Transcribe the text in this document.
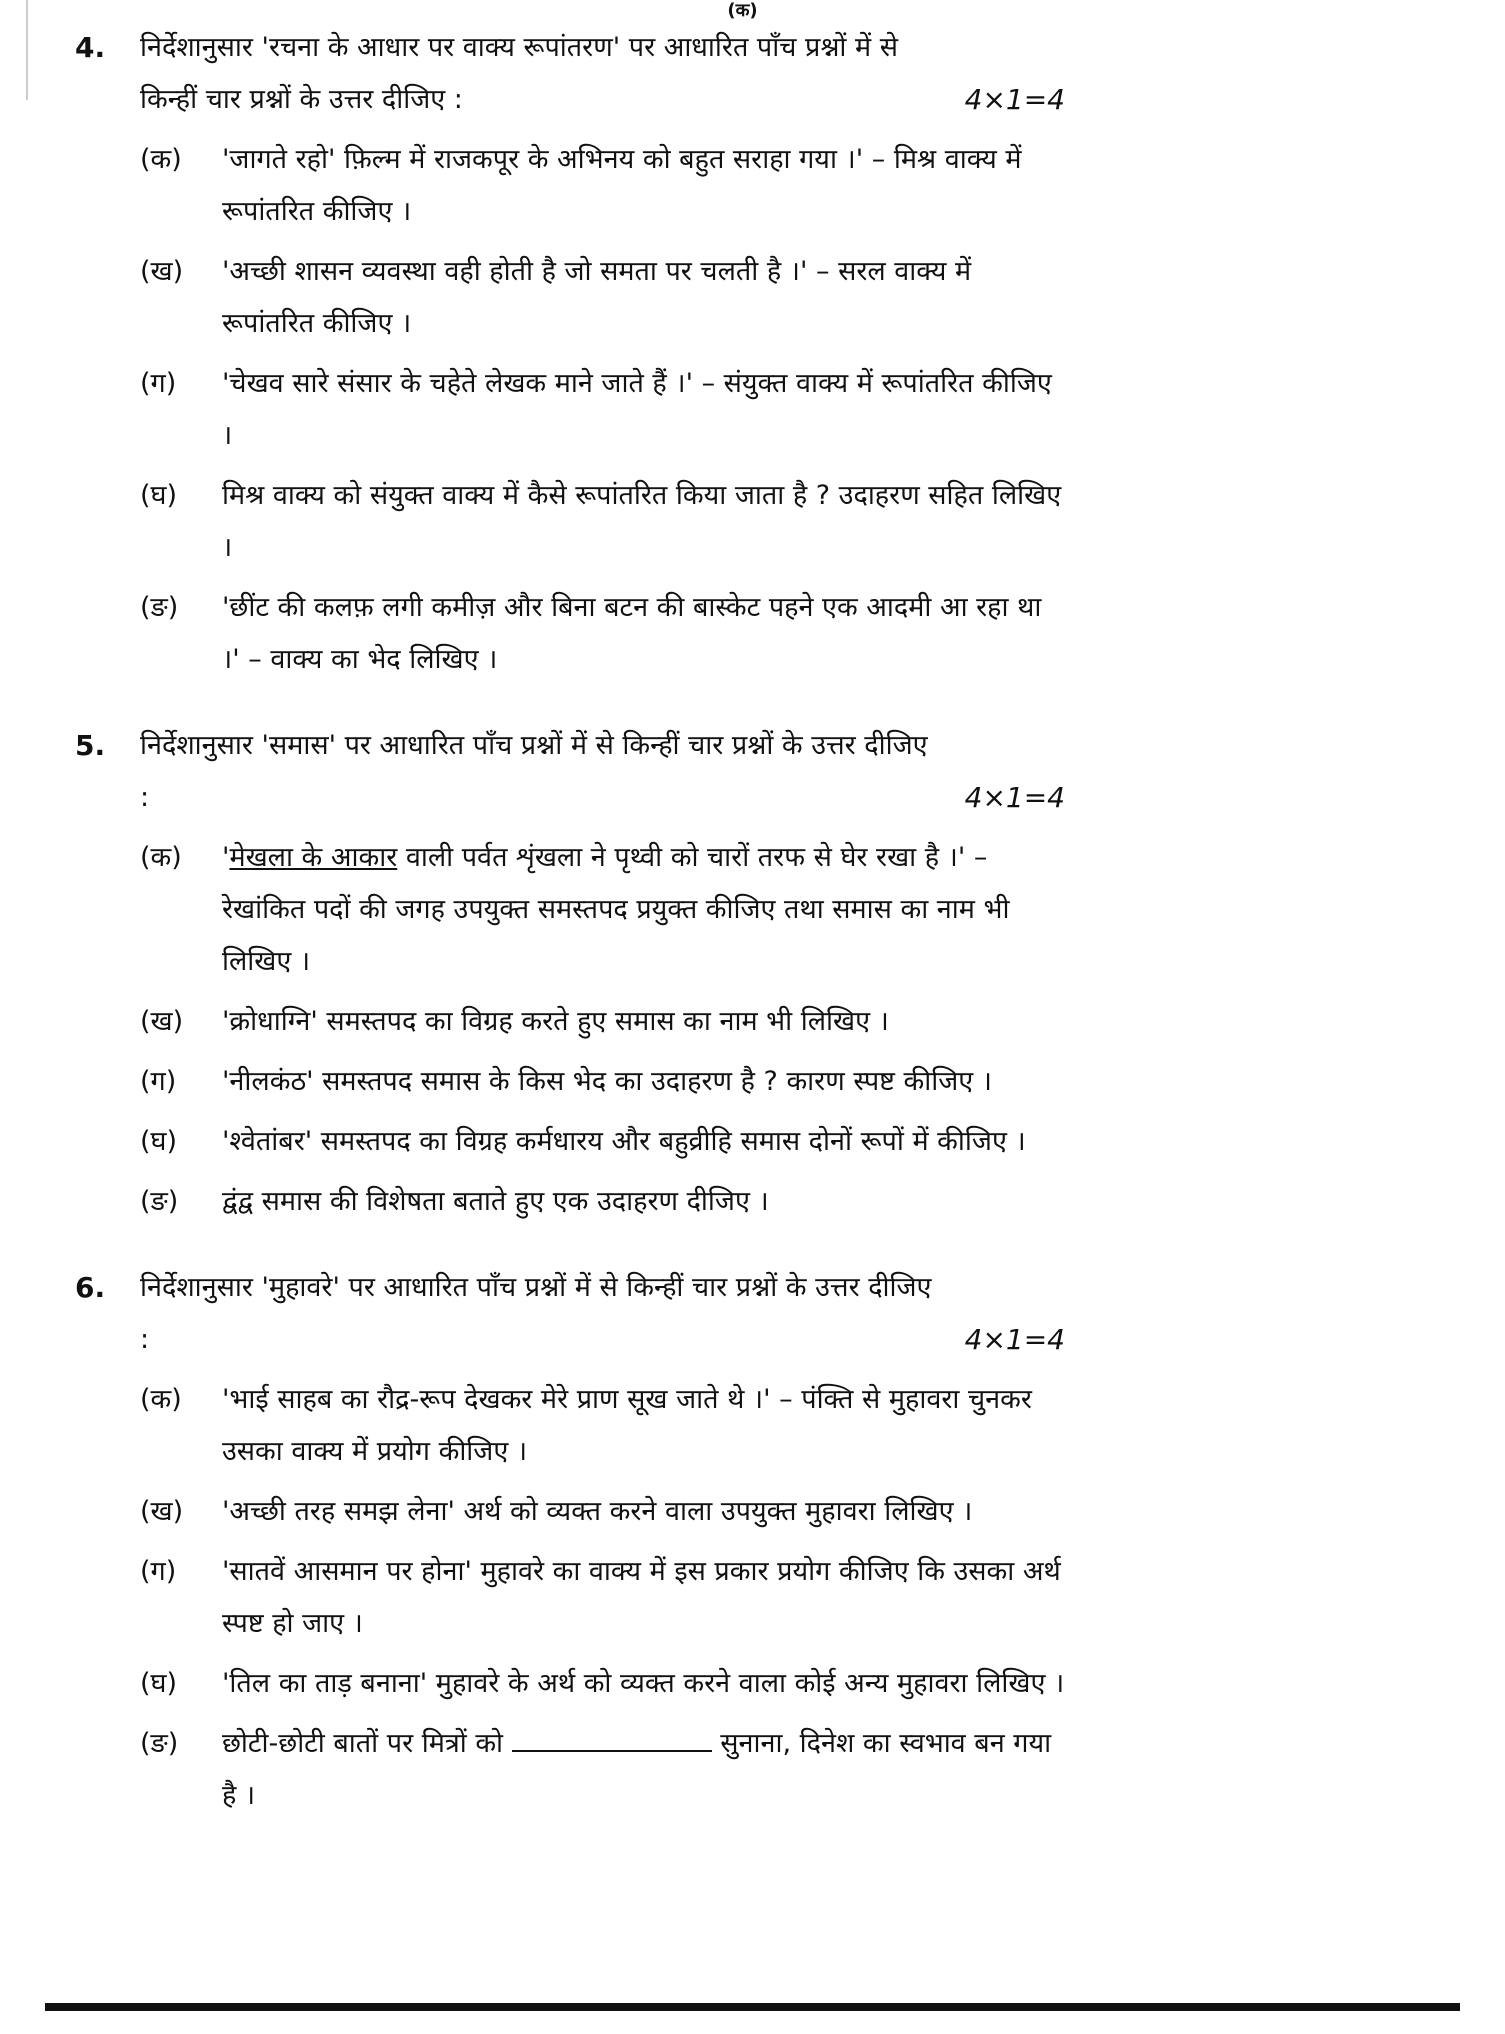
(क)
4.	निर्देशानुसार 'रचना के आधार पर वाक्य रूपांतरण' पर आधारित पाँच प्रश्नों में से किन्हीं चार प्रश्नों के उत्तर दीजिए :	4×1=4
(क)	'जागते रहो' फ़िल्म में राजकपूर के अभिनय को बहुत सराहा गया ।' – मिश्र वाक्य में रूपांतरित कीजिए ।
(ख)	'अच्छी शासन व्यवस्था वही होती है जो समता पर चलती है ।' – सरल वाक्य में रूपांतरित कीजिए ।
(ग)	'चेखव सारे संसार के चहेते लेखक माने जाते हैं ।' – संयुक्त वाक्य में रूपांतरित कीजिए ।
(घ)	मिश्र वाक्य को संयुक्त वाक्य में कैसे रूपांतरित किया जाता है ? उदाहरण सहित लिखिए ।
(ङ)	'छींट की कलफ़ लगी कमीज़ और बिना बटन की बास्केट पहने एक आदमी आ रहा था ।' – वाक्य का भेद लिखिए ।
5.	निर्देशानुसार 'समास' पर आधारित पाँच प्रश्नों में से किन्हीं चार प्रश्नों के उत्तर दीजिए :	4×1=4
(क)	'मेखला के आकार वाली पर्वत शृंखला ने पृथ्वी को चारों तरफ से घेर रखा है ।' – रेखांकित पदों की जगह उपयुक्त समस्तपद प्रयुक्त कीजिए तथा समास का नाम भी लिखिए ।
(ख)	'क्रोधाग्नि' समस्तपद का विग्रह करते हुए समास का नाम भी लिखिए ।
(ग)	'नीलकंठ' समस्तपद समास के किस भेद का उदाहरण है ? कारण स्पष्ट कीजिए ।
(घ)	'श्वेतांबर' समस्तपद का विग्रह कर्मधारय और बहुव्रीहि समास दोनों रूपों में कीजिए ।
(ङ)	द्वंद्व समास की विशेषता बताते हुए एक उदाहरण दीजिए ।
6.	निर्देशानुसार 'मुहावरे' पर आधारित पाँच प्रश्नों में से किन्हीं चार प्रश्नों के उत्तर दीजिए :	4×1=4
(क)	'भाई साहब का रौद्र-रूप देखकर मेरे प्राण सूख जाते थे ।' – पंक्ति से मुहावरा चुनकर उसका वाक्य में प्रयोग कीजिए ।
(ख)	'अच्छी तरह समझ लेना' अर्थ को व्यक्त करने वाला उपयुक्त मुहावरा लिखिए ।
(ग)	'सातवें आसमान पर होना' मुहावरे का वाक्य में इस प्रकार प्रयोग कीजिए कि उसका अर्थ स्पष्ट हो जाए ।
(घ)	'तिल का ताड़ बनाना' मुहावरे के अर्थ को व्यक्त करने वाला कोई अन्य मुहावरा लिखिए ।
(ङ)	छोटी-छोटी बातों पर मित्रों को	सुनाना, दिनेश का स्वभाव बन गया है ।
